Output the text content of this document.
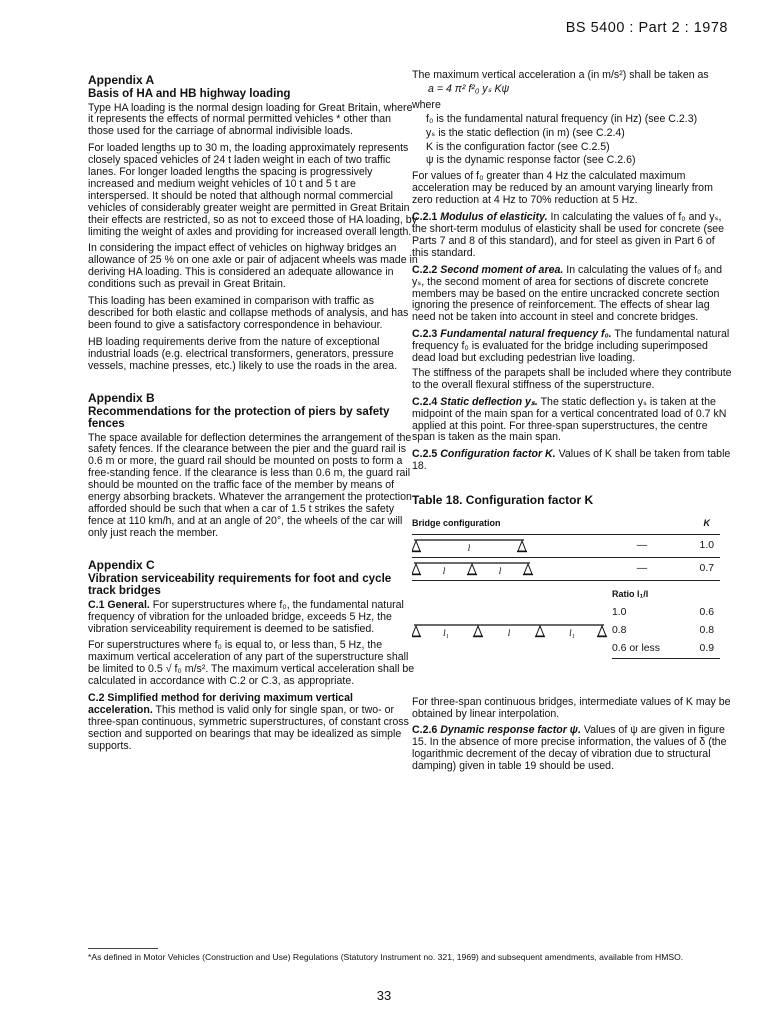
BS 5400 : Part 2 : 1978
Appendix A
Basis of HA and HB highway loading

Type HA loading is the normal design loading for Great Britain, where it represents the effects of normal permitted vehicles * other than those used for the carriage of abnormal indivisible loads.

For loaded lengths up to 30 m, the loading approximately represents closely spaced vehicles of 24 t laden weight in each of two traffic lanes. For longer loaded lengths the spacing is progressively increased and medium weight vehicles of 10 t and 5 t are interspersed. It should be noted that although normal commercial vehicles of considerably greater weight are permitted in Great Britain their effects are restricted, so as not to exceed those of HA loading, by limiting the weight of axles and providing for increased overall length.

In considering the impact effect of vehicles on highway bridges an allowance of 25 % on one axle or pair of adjacent wheels was made in deriving HA loading. This is considered an adequate allowance in conditions such as prevail in Great Britain.

This loading has been examined in comparison with traffic as described for both elastic and collapse methods of analysis, and has been found to give a satisfactory correspondence in behaviour.

HB loading requirements derive from the nature of exceptional industrial loads (e.g. electrical transformers, generators, pressure vessels, machine presses, etc.) likely to use the roads in the area.

Appendix B
Recommendations for the protection of piers by safety fences

The space available for deflection determines the arrangement of the safety fences. If the clearance between the pier and the guard rail is 0.6 m or more, the guard rail should be mounted on posts to form a free-standing fence. If the clearance is less than 0.6 m, the guard rail should be mounted on the traffic face of the member by means of energy absorbing brackets. Whatever the arrangement the protection afforded should be such that when a car of 1.5 t strikes the safety fence at 110 km/h, and at an angle of 20°, the wheels of the car will only just reach the member.

Appendix C
Vibration serviceability requirements for foot and cycle track bridges

C.1 General. For superstructures where f₀, the fundamental natural frequency of vibration for the unloaded bridge, exceeds 5 Hz, the vibration serviceability requirement is deemed to be satisfied.

For superstructures where f₀ is equal to, or less than, 5 Hz, the maximum vertical acceleration of any part of the superstructure shall be limited to 0.5 √ f₀ m/s². The maximum vertical acceleration shall be calculated in accordance with C.2 or C.3, as appropriate.

C.2 Simplified method for deriving maximum vertical acceleration. This method is valid only for single span, or two- or three-span continuous, symmetric superstructures, of constant cross section and supported on bearings that may be idealized as simple supports.

The maximum vertical acceleration a (in m/s²) shall be taken as

a = 4 π² f²₀ yₛ Kψ

where

f₀ is the fundamental natural frequency (in Hz) (see C.2.3)

yₛ is the static deflection (in m) (see C.2.4)

K is the configuration factor (see C.2.5)

ψ is the dynamic response factor (see C.2.6)

For values of f₀ greater than 4 Hz the calculated maximum acceleration may be reduced by an amount varying linearly from zero reduction at 4 Hz to 70% reduction at 5 Hz.

C.2.1 Modulus of elasticity. In calculating the values of f₀ and yₛ, the short-term modulus of elasticity shall be used for concrete (see Parts 7 and 8 of this standard), and for steel as given in Part 6 of this standard.

C.2.2 Second moment of area. In calculating the values of f₀ and yₛ, the second moment of area for sections of discrete concrete members may be based on the entire uncracked concrete section ignoring the presence of reinforcement. The effects of shear lag need not be taken into account in steel and concrete bridges.

C.2.3 Fundamental natural frequency f₀. The fundamental natural frequency f₀ is evaluated for the bridge including superimposed dead load but excluding pedestrian live loading.

The stiffness of the parapets shall be included where they contribute to the overall flexural stiffness of the superstructure.

C.2.4 Static deflection yₛ. The static deflection yₛ is taken at the midpoint of the main span for a vertical concentrated load of 0.7 kN applied at this point. For three-span superstructures, the centre span is taken as the main span.

C.2.5 Configuration factor K. Values of K shall be taken from table 18.

Table 18. Configuration factor K
Bridge configuration		K

l	—	1.0

l l	—	0.7
	Ratio l₁/l	

l₁ l l₁	1.0	0.6
	0.8	0.8
	0.6 or less	0.9

For three-span continuous bridges, intermediate values of K may be obtained by linear interpolation.

C.2.6 Dynamic response factor ψ. Values of ψ are given in figure 15. In the absence of more precise information, the values of δ (the logarithmic decrement of the decay of vibration due to structural damping) given in table 19 should be used.

*As defined in Motor Vehicles (Construction and Use) Regulations (Statutory Instrument no. 321, 1969) and subsequent amendments, available from HMSO.
33
